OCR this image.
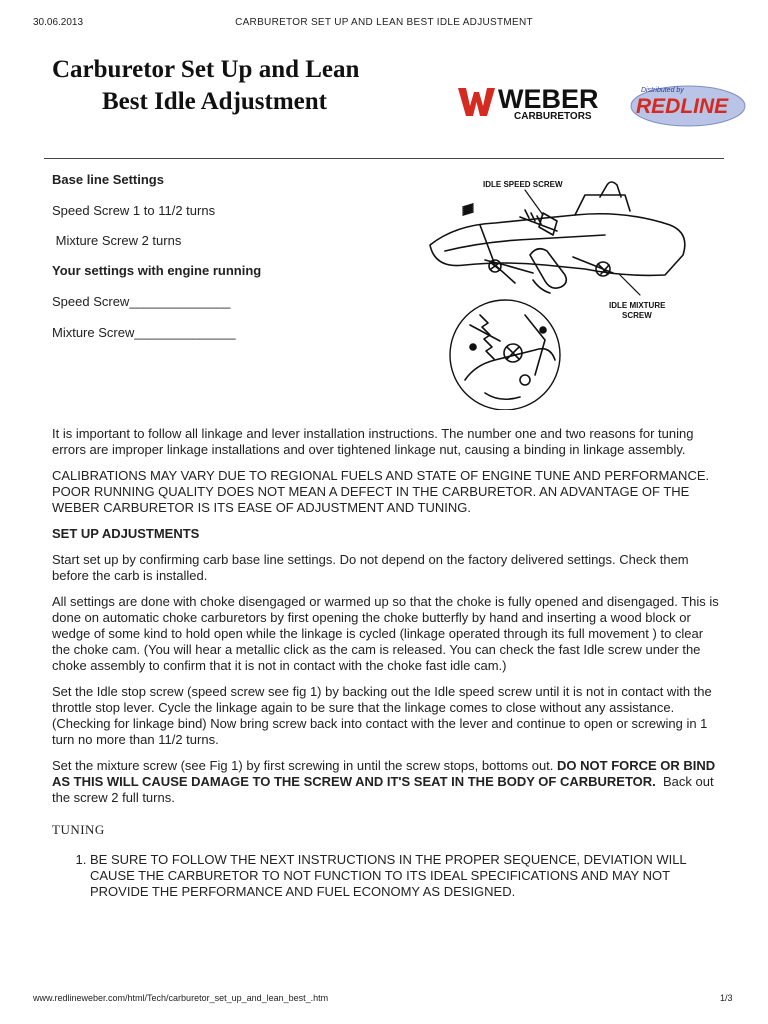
30.06.2013	CARBURETOR SET UP AND LEAN BEST IDLE ADJUSTMENT
Carburetor Set Up and Lean
Best Idle Adjustment	WEBER
CARBURETORS
Distributed by
REDLINE

Base line Settings

Speed Screw 1 to 11/2 turns

Mixture Screw 2 turns

Your settings with engine running

Speed Screw______________

Mixture Screw______________

IDLE SPEED SCREW
IDLE MIXTURE
SCREW

It is important to follow all linkage and lever installation instructions. The number one and two reasons for tuning errors are improper linkage installations and over tightened linkage nut, causing a binding in linkage assembly.

CALIBRATIONS MAY VARY DUE TO REGIONAL FUELS AND STATE OF ENGINE TUNE AND PERFORMANCE. POOR RUNNING QUALITY DOES NOT MEAN A DEFECT IN THE CARBURETOR. AN ADVANTAGE OF THE WEBER CARBURETOR IS ITS EASE OF ADJUSTMENT AND TUNING.

SET UP ADJUSTMENTS

Start set up by confirming carb base line settings. Do not depend on the factory delivered settings. Check them before the carb is installed.

All settings are done with choke disengaged or warmed up so that the choke is fully opened and disengaged. This is done on automatic choke carburetors by first opening the choke butterfly by hand and inserting a wood block or wedge of some kind to hold open while the linkage is cycled (linkage operated through its full movement ) to clear the choke cam. (You will hear a metallic click as the cam is released. You can check the fast Idle screw under the choke assembly to confirm that it is not in contact with the choke fast idle cam.)

Set the Idle stop screw (speed screw see fig 1) by backing out the Idle speed screw until it is not in contact with the throttle stop lever. Cycle the linkage again to be sure that the linkage comes to close without any assistance. (Checking for linkage bind) Now bring screw back into contact with the lever and continue to open or screwing in 1 turn no more than 11/2 turns.

Set the mixture screw (see Fig 1) by first screwing in until the screw stops, bottoms out. DO NOT FORCE OR BIND AS THIS WILL CAUSE DAMAGE TO THE SCREW AND IT'S SEAT IN THE BODY OF CARBURETOR.  Back out the screw 2 full turns.

TUNING
1. BE SURE TO FOLLOW THE NEXT INSTRUCTIONS IN THE PROPER SEQUENCE, DEVIATION WILL CAUSE THE CARBURETOR TO NOT FUNCTION TO ITS IDEAL SPECIFICATIONS AND MAY NOT PROVIDE THE PERFORMANCE AND FUEL ECONOMY AS DESIGNED.
www.redlineweber.com/html/Tech/carburetor_set_up_and_lean_best_.htm	1/3
